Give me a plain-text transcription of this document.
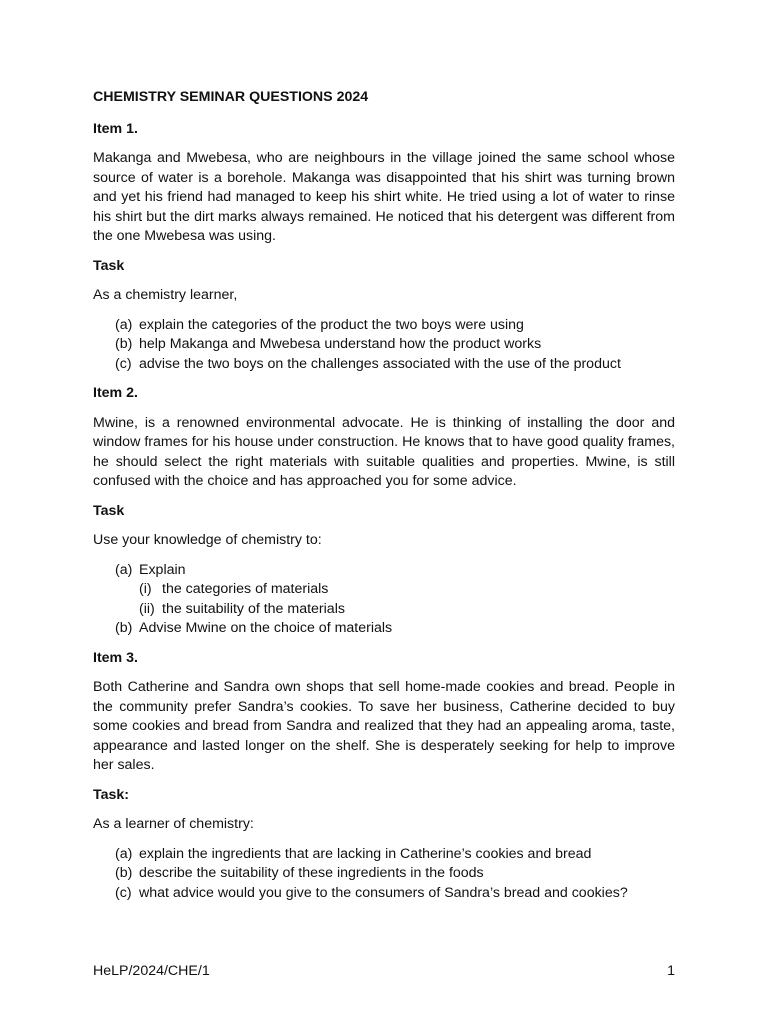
CHEMISTRY SEMINAR QUESTIONS 2024
Item 1.
Makanga and Mwebesa, who are neighbours in the village joined the same school whose source of water is a borehole. Makanga was disappointed that his shirt was turning brown and yet his friend had managed to keep his shirt white. He tried using a lot of water to rinse his shirt but the dirt marks always remained. He noticed that his detergent was different from the one Mwebesa was using.
Task
As a chemistry learner,
(a) explain the categories of the product the two boys were using
(b) help Makanga and Mwebesa understand how the product works
(c) advise the two boys on the challenges associated with the use of the product
Item 2.
Mwine, is a renowned environmental advocate. He is thinking of installing the door and window frames for his house under construction. He knows that to have good quality frames, he should select the right materials with suitable qualities and properties. Mwine, is still confused with the choice and has approached you for some advice.
Task
Use your knowledge of chemistry to:
(a) Explain
(i) the categories of materials
(ii) the suitability of the materials
(b) Advise Mwine on the choice of materials
Item 3.
Both Catherine and Sandra own shops that sell home-made cookies and bread. People in the community prefer Sandra’s cookies. To save her business, Catherine decided to buy some cookies and bread from Sandra and realized that they had an appealing aroma, taste, appearance and lasted longer on the shelf. She is desperately seeking for help to improve her sales.
Task:
As a learner of chemistry:
(a) explain the ingredients that are lacking in Catherine’s cookies and bread
(b) describe the suitability of these ingredients in the foods
(c) what advice would you give to the consumers of Sandra’s bread and cookies?
HeLP/2024/CHE/1	1
